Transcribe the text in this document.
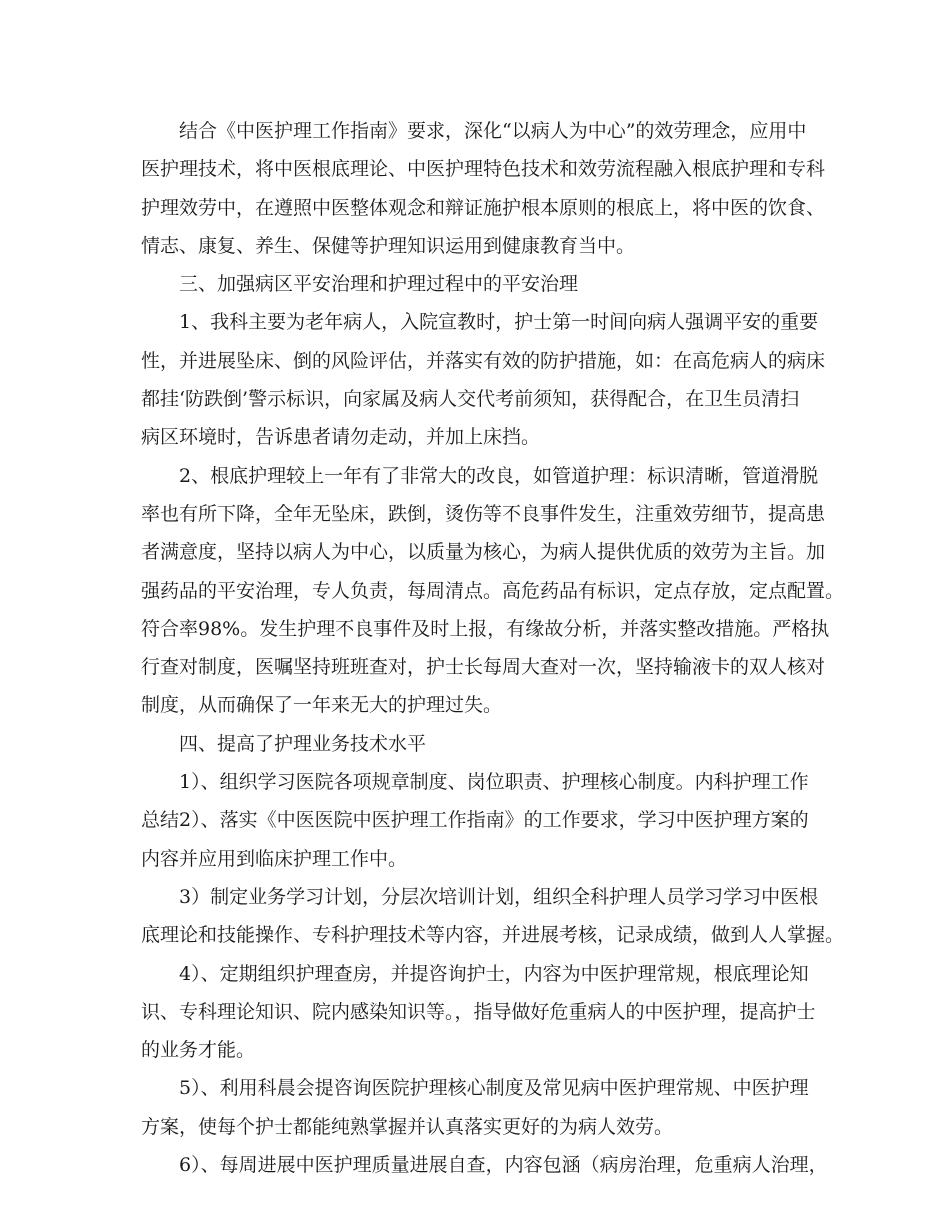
结合《中医护理工作指南》要求，深化“以病人为中心”的效劳理念，应用中
医护理技术，将中医根底理论、中医护理特色技术和效劳流程融入根底护理和专科
护理效劳中，在遵照中医整体观念和辩证施护根本原则的根底上，将中医的饮食、
情志、康复、养生、保健等护理知识运用到健康教育当中。
三、加强病区平安治理和护理过程中的平安治理
1、我科主要为老年病人，入院宣教时，护士第一时间向病人强调平安的重要
性，并进展坠床、倒的风险评估，并落实有效的防护措施，如：在高危病人的病床
都挂‘防跌倒’警示标识，向家属及病人交代考前须知，获得配合，在卫生员清扫
病区环境时，告诉患者请勿走动，并加上床挡。
2、根底护理较上一年有了非常大的改良，如管道护理：标识清晰，管道滑脱
率也有所下降，全年无坠床，跌倒，烫伤等不良事件发生，注重效劳细节，提高患
者满意度，坚持以病人为中心，以质量为核心，为病人提供优质的效劳为主旨。加
强药品的平安治理，专人负责，每周清点。高危药品有标识，定点存放，定点配置。
符合率98%。发生护理不良事件及时上报，有缘故分析，并落实整改措施。严格执
行查对制度，医嘱坚持班班查对，护士长每周大查对一次，坚持输液卡的双人核对
制度，从而确保了一年来无大的护理过失。
四、提高了护理业务技术水平
1）、组织学习医院各项规章制度、岗位职责、护理核心制度。内科护理工作
总结2）、落实《中医医院中医护理工作指南》的工作要求，学习中医护理方案的
内容并应用到临床护理工作中。
3）制定业务学习计划，分层次培训计划，组织全科护理人员学习学习中医根
底理论和技能操作、专科护理技术等内容，并进展考核，记录成绩，做到人人掌握。
4）、定期组织护理查房，并提咨询护士，内容为中医护理常规，根底理论知
识、专科理论知识、院内感染知识等。，指导做好危重病人的中医护理，提高护士
的业务才能。
5）、利用科晨会提咨询医院护理核心制度及常见病中医护理常规、中医护理
方案，使每个护士都能纯熟掌握并认真落实更好的为病人效劳。
6）、每周进展中医护理质量进展自查，内容包涵（病房治理，危重病人治理，
